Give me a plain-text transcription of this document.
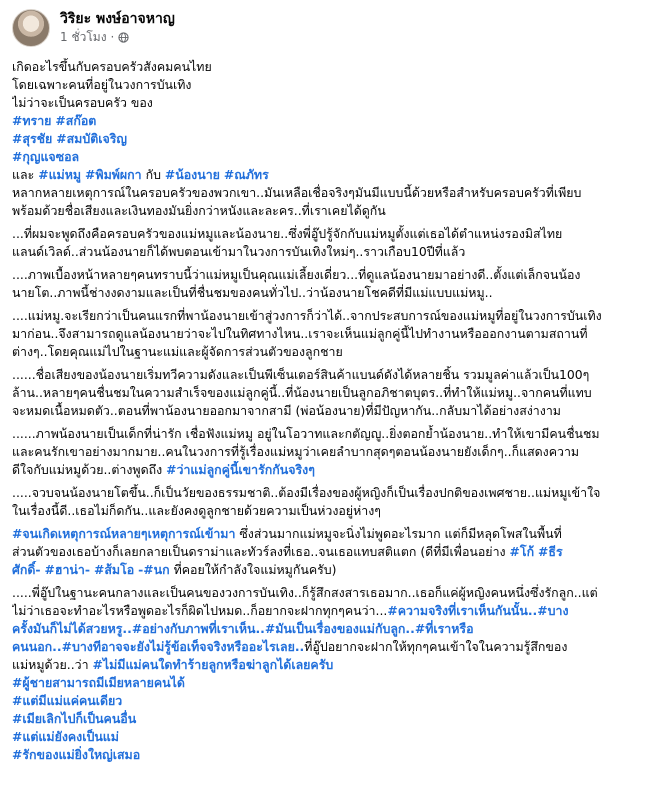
วิริยะ พงษ์อาจหาญ
1 ชั่วโมง ·
เกิดอะไรขึ้นกับครอบครัวสังคมคนไทย
โดยเฉพาะคนที่อยู่ในวงการบันเทิง
ไม่ว่าจะเป็นครอบครัว ของ
#ทราย #สก๊อต
#สุรชัย #สมบัติเจริญ
#กุญแจซอล
และ #แม่หมู #พิมพ์ผกา กับ #น้องนาย #ณภัทร
หลากหลายเหตุการณ์ในครอบครัวของพวกเขา..มันเหลือเชื่อจริงๆมันมีแบบนี้ด้วยหรือสำหรับครอบครัวที่เพียบ
พร้อมด้วยชื่อเสียงและเงินทองมันยิ่งกว่าหนังและละคร..ที่เราเคยได้ดูกัน
...ที่ผมจะพูดถึงคือครอบครัวของแม่หมูและน้องนาย..ซึ่งพี่อู๊ปรู้จักกับแม่หมูตั้งแต่เธอได้ตำแหน่งรองมิสไทย
แลนด์เวิลด์..ส่วนน้องนายก็ได้พบตอนเข้ามาในวงการบันเทิงใหม่ๆ..ราวเกือบ10ปีที่แล้ว
....ภาพเบื้องหน้าหลายๆคนทราบนี้ว่าแม่หมูเป็นคุณแม่เลี้ยงเดี่ยว...ที่ดูแลน้องนายมาอย่างดี..ตั้งแต่เล็กจนน้อง
นายโต..ภาพนี้ช่างงดงามและเป็นที่ชื่นชมของคนทั่วไป..ว่าน้องนายโชคดีที่มีแม่แบบแม่หมู..
....แม่หมู.จะเรียกว่าเป็นคนแรกที่พาน้องนายเข้าสู่วงการก็ว่าได้..จากประสบการณ์ของแม่หมูที่อยู่ในวงการบันเทิง
มาก่อน..จึงสามารถดูแลน้องนายว่าจะไปในทิศทางไหน..เราจะเห็นแม่ลูกคู่นี้ไปทำงานหรือออกงานตามสถานที่
ต่างๆ..โดยคุณแม่ไปในฐานะแม่และผู้จัดการส่วนตัวของลูกชาย
......ชื่อเสียงของน้องนายเริ่มทวีความดังและเป็นพีเซ็นเตอร์สินค้าแบนด์ดังได้หลายชิ้น รวมมูลค่าแล้วเป็น100ๆ
ล้าน..หลายๆคนชื่นชมในความสำเร็จของแม่ลูกคู่นี้..ที่น้องนายเป็นลูกอภิชาตบุตร..ที่ทำให้แม่หมู..จากคนที่แทบ
จะหมดเนื้อหมดตัว..ตอนที่พาน้องนายออกมาจากสามี (พ่อน้องนาย)ที่มีปัญหากัน..กลับมาได้อย่างสง่างาม
......ภาพน้องนายเป็นเด็กที่น่ารัก เชื่อฟังแม่หมู อยู่ในโอวาทและกตัญญู..ยิ่งตอกย้ำน้องนาย..ทำให้เขามีคนชื่นชม
และคนรักเขาอย่างมากมาย..คนในวงการที่รู้เรื่องแม่หมูว่าเคยลำบากสุดๆตอนน้องนายยังเด็กๆ..ก็แสดงความ
ดีใจกับแม่หมูด้วย..ต่างพูดถึง #ว่าแม่ลูกคู่นี้เขารักกันจริงๆ
.....จวบจนน้องนายโตขึ้น..ก็เป็นวัยของธรรมชาติ..ต้องมีเรื่องของผู้หญิงก็เป็นเรื่องปกติของเพศชาย..แม่หมูเข้าใจ
ในเรื่องนี้ดี..เธอไม่ก็ดกัน..และยังคงดูลูกชายด้วยความเป็นห่วงอยู่ห่างๆ
#จนเกิดเหตุการณ์หลายๆเหตุการณ์เข้ามา ซึ่งส่วนมากแม่หมูจะนิ่งไม่พูดอะไรมาก แต่ก็มีหลุดโพสในพื้นที่
ส่วนตัวของเธอบ้างก็เลยกลายเป็นดราม่าและทัวร์ลงที่เธอ..จนเธอแทบสติแตก (ดีที่มีเพื่อนอย่าง #โก้ #ธีร
ศักดิ์- #ฮาน่า- #ส้มโอ -#นก ที่คอยให้กำลังใจแม่หมูกันครับ)
.....พี่อู๊ปในฐานะคนกลางและเป็นคนของวงการบันเทิง..ก็รู้สึกสงสารเธอมาก..เธอก็แค่ผู้หญิงคนหนึ่งซึ่งรักลูก..แต่
ไม่ว่าเธอจะทำอะไรหรือพูดอะไรก็ผิดไปหมด..ก็อยากจะฝากทุกๆคนว่า...#ความจริงที่เราเห็นกันนั้น..#บาง
ครั้งมันก็ไม่ได้สวยหรู..#อย่างกับภาพที่เราเห็น..#มันเป็นเรื่องของแม่กับลูก..#ที่เราหรือ
คนนอก..#บางทีอาจจะยังไม่รู้ข้อเท็จจริงหรืออะไรเลย..ที่อู๊ปอยากจะฝากให้ทุกๆคนเข้าใจในความรู้สึกของ
แม่หมูด้วย..ว่า #ไม่มีแม่คนใดทำร้ายลูกหรือฆ่าลูกได้เลยครับ
#ผู้ชายสามารถมีเมียหลายคนได้
#แต่มีแม่แค่คนเดียว
#เมียเลิกไปก็เป็นคนอื่น
#แต่แม่ยังคงเป็นแม่
#รักของแม่ยิ่งใหญ่เสมอ
